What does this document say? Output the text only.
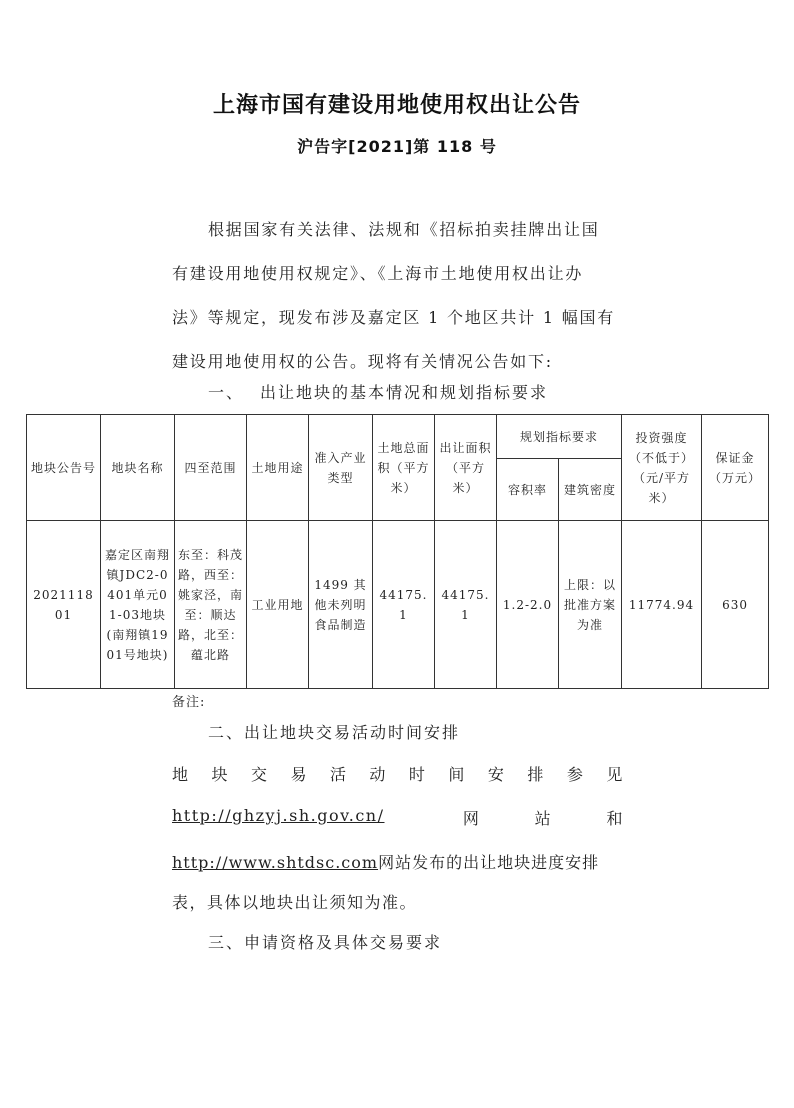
上海市国有建设用地使用权出让公告
沪告字[2021]第 118 号
根据国家有关法律、法规和《招标拍卖挂牌出让国
有建设用地使用权规定》、《上海市土地使用权出让办
法》等规定，现发布涉及嘉定区 1 个地区共计 1 幅国有
建设用地使用权的公告。现将有关情况公告如下:
一、 出让地块的基本情况和规划指标要求
地块公告号	地块名称	四至范围	土地用途	准入产业类型	土地总面积（平方米）	出让面积（平方米）	规划指标要求		投资强度（不低于）（元/平方米）	保证金（万元）
							容积率	建筑密度		
202111801	嘉定区南翔镇JDC2-0401单元01-03地块(南翔镇1901号地块)	东至：科茂路，西至：姚家泾，南至：顺达路，北至：蕴北路	工业用地	1499 其他未列明食品制造	44175.1	44175.1	1.2-2.0	上限：以批准方案为准	11774.94	630
备注:
二、出让地块交易活动时间安排
地 块 交 易 活 动 时 间 安 排 参 见
http://ghzyj.sh.gov.cn/	网	站	和
http://www.shtdsc.com网站发布的出让地块进度安排
表，具体以地块出让须知为准。
三、申请资格及具体交易要求
